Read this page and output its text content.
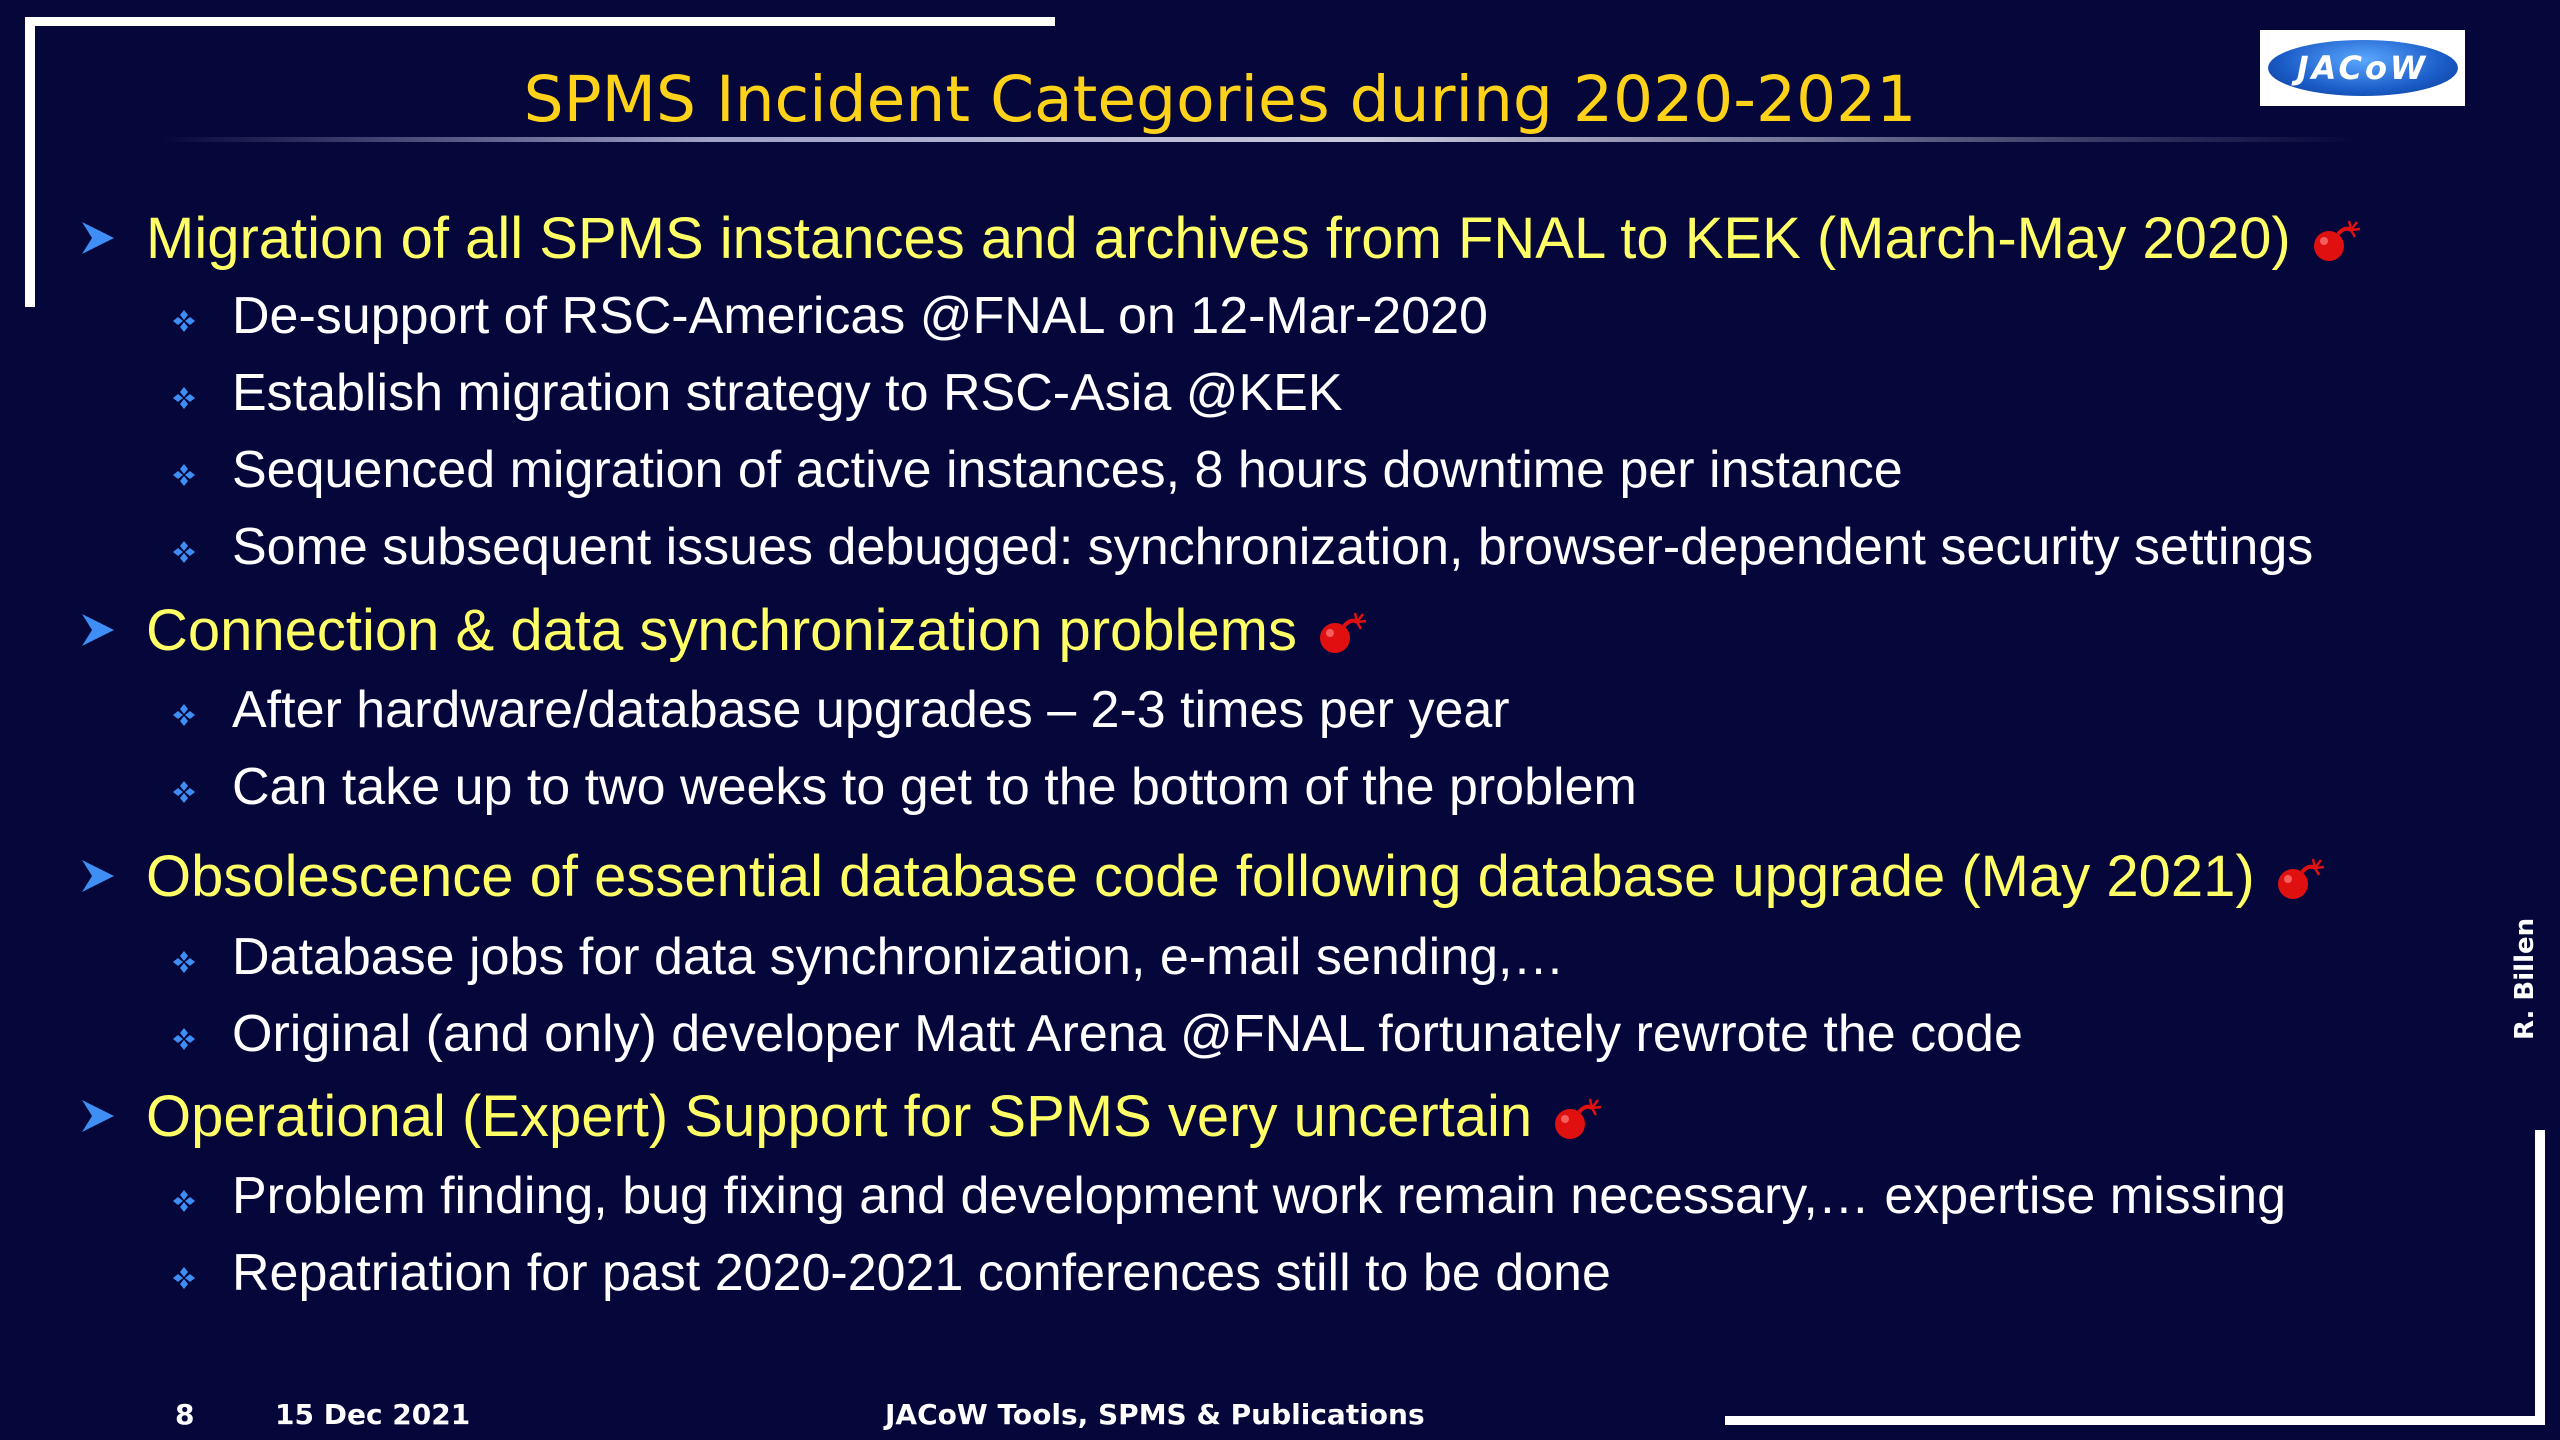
SPMS Incident Categories during 2020-2021	JACoW
Migration of all SPMS instances and archives from FNAL to KEK (March-May 2020)
De-support of RSC-Americas @FNAL on 12-Mar-2020
Establish migration strategy to RSC-Asia @KEK
Sequenced migration of active instances, 8 hours downtime per instance
Some subsequent issues debugged: synchronization, browser-dependent security settings
Connection & data synchronization problems
After hardware/database upgrades – 2-3 times per year
Can take up to two weeks to get to the bottom of the problem
Obsolescence of essential database code following database upgrade (May 2021)
Database jobs for data synchronization, e-mail sending,…
Original (and only) developer Matt Arena @FNAL fortunately rewrote the code
Operational (Expert) Support for SPMS very uncertain
Problem finding, bug fixing and development work remain necessary,… expertise missing
Repatriation for past 2020-2021 conferences still to be done
8	15 Dec 2021	JACoW Tools, SPMS & Publications
R. Billen
